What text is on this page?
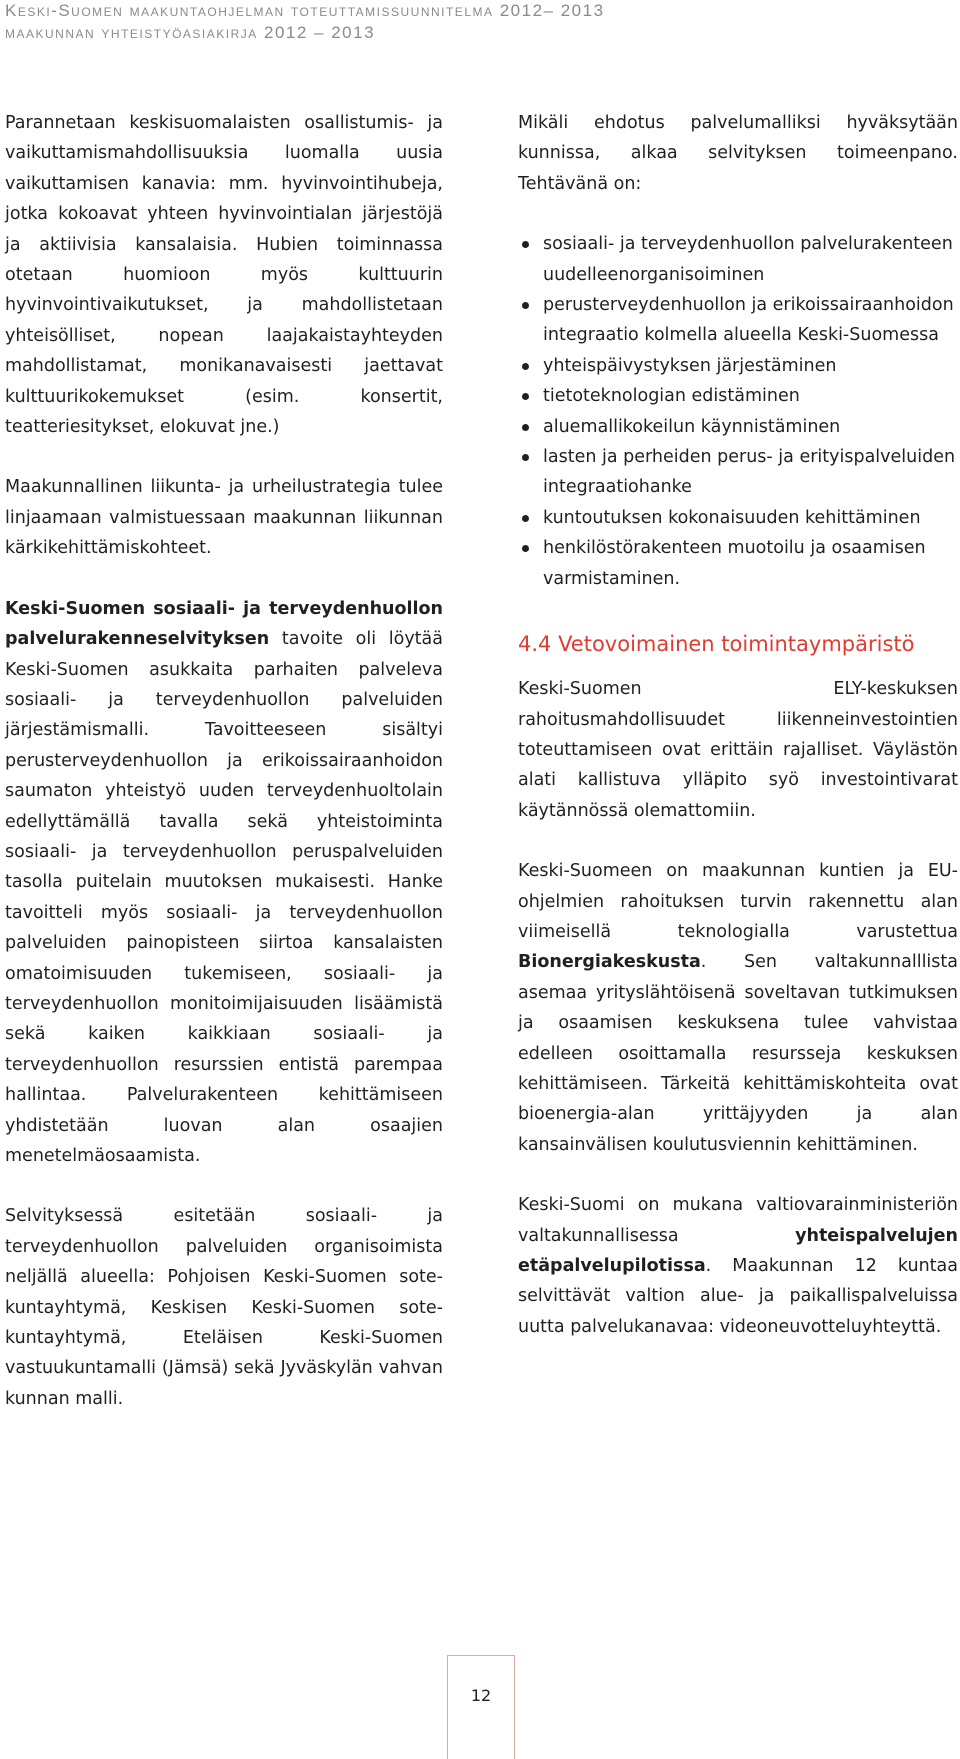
Keski-Suomen maakuntaohjelman toteuttamissuunnitelma 2012– 2013
maakunnan yhteistyöasiakirja 2012 – 2013

Parannetaan keskisuomalaisten osallistumis- ja vaikuttamismahdollisuuksia luomalla uusia vaikuttamisen kanavia: mm. hyvinvointihubeja, jotka kokoavat yhteen hyvinvointialan järjestöjä ja aktiivisia kansalaisia. Hubien toiminnassa otetaan huomioon myös kulttuurin hyvinvointivaikutukset, ja mahdollistetaan yhteisölliset, nopean laajakaistayhteyden mahdollistamat, monikanavaisesti jaettavat kulttuurikokemukset (esim. konsertit, teatteriesitykset, elokuvat jne.)

Maakunnallinen liikunta- ja urheilustrategia tulee linjaamaan valmistuessaan maakunnan liikunnan kärkikehittämiskohteet.

Keski-Suomen sosiaali- ja terveydenhuollon palvelurakenneselvityksen tavoite oli löytää Keski-Suomen asukkaita parhaiten palveleva sosiaali- ja terveydenhuollon palveluiden järjestämismalli. Tavoitteeseen sisältyi perusterveydenhuollon ja erikoissairaanhoidon saumaton yhteistyö uuden terveydenhuoltolain edellyttämällä tavalla sekä yhteistoiminta sosiaali- ja terveydenhuollon peruspalveluiden tasolla puitelain muutoksen mukaisesti. Hanke tavoitteli myös sosiaali- ja terveydenhuollon palveluiden painopisteen siirtoa kansalaisten omatoimisuuden tukemiseen, sosiaali- ja terveydenhuollon monitoimijaisuuden lisäämistä sekä kaiken kaikkiaan sosiaali- ja terveydenhuollon resurssien entistä parempaa hallintaa. Palvelurakenteen kehittämiseen yhdistetään luovan alan osaajien menetelmäosaamista.

Selvityksessä esitetään sosiaali- ja terveydenhuollon palveluiden organisoimista neljällä alueella: Pohjoisen Keski-Suomen sote-kuntayhtymä, Keskisen Keski-Suomen sote-kuntayhtymä, Eteläisen Keski-Suomen vastuukuntamalli (Jämsä) sekä Jyväskylän vahvan kunnan malli.

Mikäli ehdotus palvelumalliksi hyväksytään kunnissa, alkaa selvityksen toimeenpano. Tehtävänä on:

sosiaali- ja terveydenhuollon palvelurakenteen uudelleenorganisoiminen
perusterveydenhuollon ja erikoissairaanhoidon integraatio kolmella alueella Keski-Suomessa
yhteispäivystyksen järjestäminen
tietoteknologian edistäminen
aluemallikokeilun käynnistäminen
lasten ja perheiden perus- ja erityispalveluiden integraatiohanke
kuntoutuksen kokonaisuuden kehittäminen
henkilöstörakenteen muotoilu ja osaamisen varmistaminen.
4.4 Vetovoimainen toimintaympäristö

Keski-Suomen ELY-keskuksen rahoitusmahdollisuudet liikenneinvestointien toteuttamiseen ovat erittäin rajalliset. Väylästön alati kallistuva ylläpito syö investointivarat käytännössä olemattomiin.

Keski-Suomeen on maakunnan kuntien ja EU- ohjelmien rahoituksen turvin rakennettu alan viimeisellä teknologialla varustettua Bionergiakeskusta. Sen valtakunnalllista asemaa yrityslähtöisenä soveltavan tutkimuksen ja osaamisen keskuksena tulee vahvistaa edelleen osoittamalla resursseja keskuksen kehittämiseen. Tärkeitä kehittämiskohteita ovat bioenergia-alan yrittäjyyden ja alan kansainvälisen koulutusviennin kehittäminen.

Keski-Suomi on mukana valtiovarainministeriön valtakunnallisessa yhteispalvelujen etäpalvelupilotissa. Maakunnan 12 kuntaa selvittävät valtion alue- ja paikallispalveluissa uutta palvelukanavaa: videoneuvotteluyhteyttä.

12
